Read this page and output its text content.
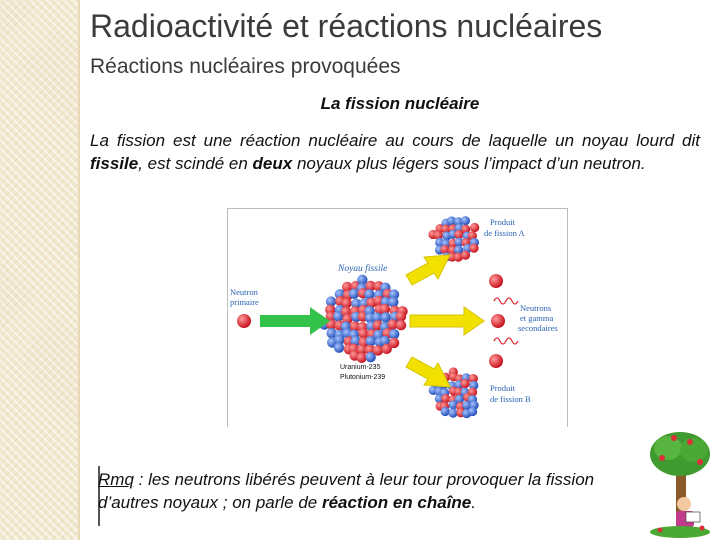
Radioactivité et réactions nucléaires
Réactions nucléaires provoquées
La fission nucléaire
La fission est une réaction nucléaire au cours de laquelle un noyau lourd dit fissile, est scindé en deux noyaux plus légers sous l’impact d’un neutron.
Noyau fissile
Neutron
primaire
Produit
de fission A
Produit
de fission B
Neutrons
et gamma
secondaires
Uranium-235
Plutonium-239
Rmq : les neutrons libérés peuvent à leur tour provoquer la fission d’autres noyaux ; on parle de réaction en chaîne.
